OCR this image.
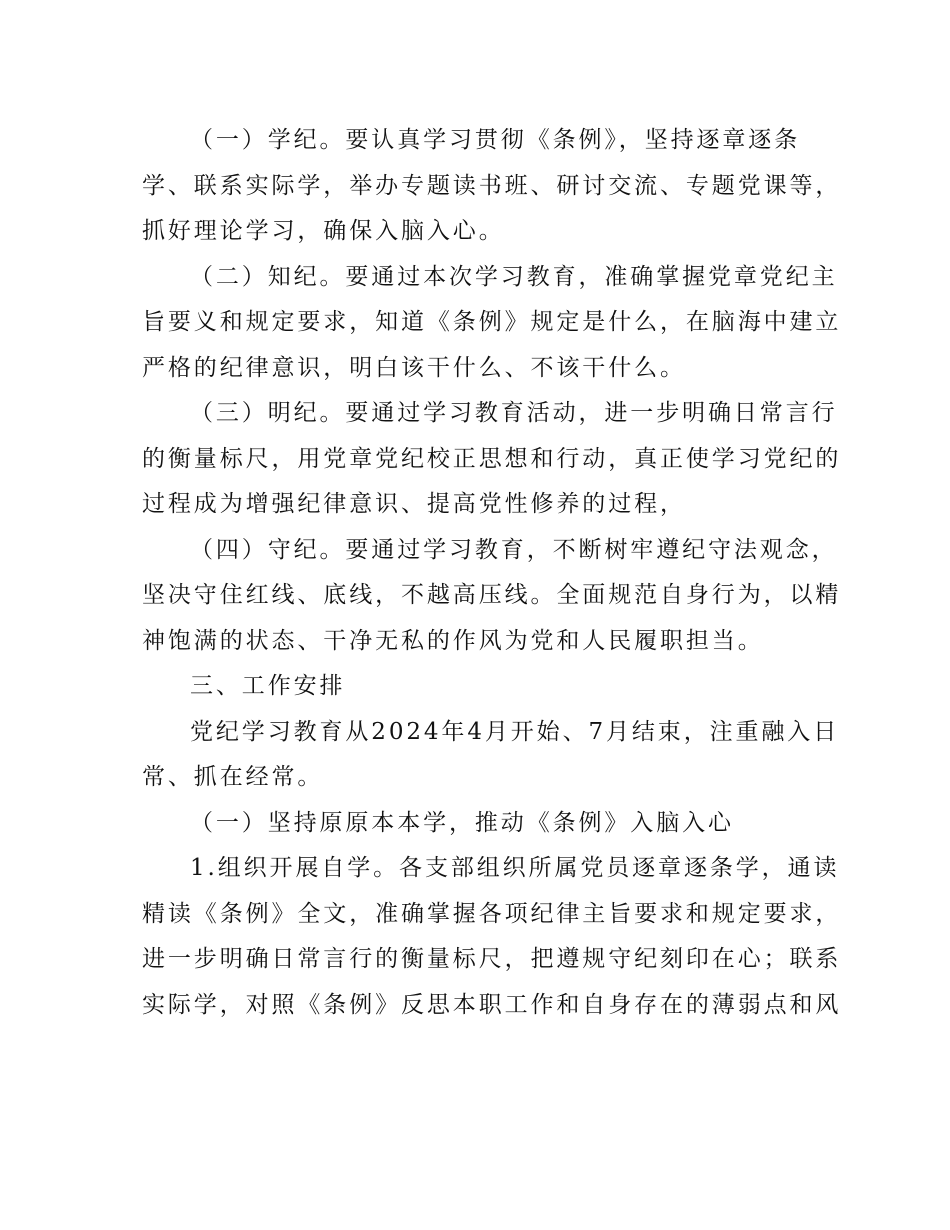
（一）学纪。要认真学习贯彻《条例》，坚持逐章逐条
学、联系实际学，举办专题读书班、研讨交流、专题党课等，
抓好理论学习，确保入脑入心。
（二）知纪。要通过本次学习教育，准确掌握党章党纪主
旨要义和规定要求，知道《条例》规定是什么，在脑海中建立
严格的纪律意识，明白该干什么、不该干什么。
（三）明纪。要通过学习教育活动，进一步明确日常言行
的衡量标尺，用党章党纪校正思想和行动，真正使学习党纪的
过程成为增强纪律意识、提高党性修养的过程，
（四）守纪。要通过学习教育，不断树牢遵纪守法观念，
坚决守住红线、底线，不越高压线。全面规范自身行为，以精
神饱满的状态、干净无私的作风为党和人民履职担当。
三、工作安排
党纪学习教育从2024年4月开始、7月结束，注重融入日
常、抓在经常。
（一）坚持原原本本学，推动《条例》入脑入心
1.组织开展自学。各支部组织所属党员逐章逐条学，通读
精读《条例》全文，准确掌握各项纪律主旨要求和规定要求，
进一步明确日常言行的衡量标尺，把遵规守纪刻印在心；联系
实际学，对照《条例》反思本职工作和自身存在的薄弱点和风
